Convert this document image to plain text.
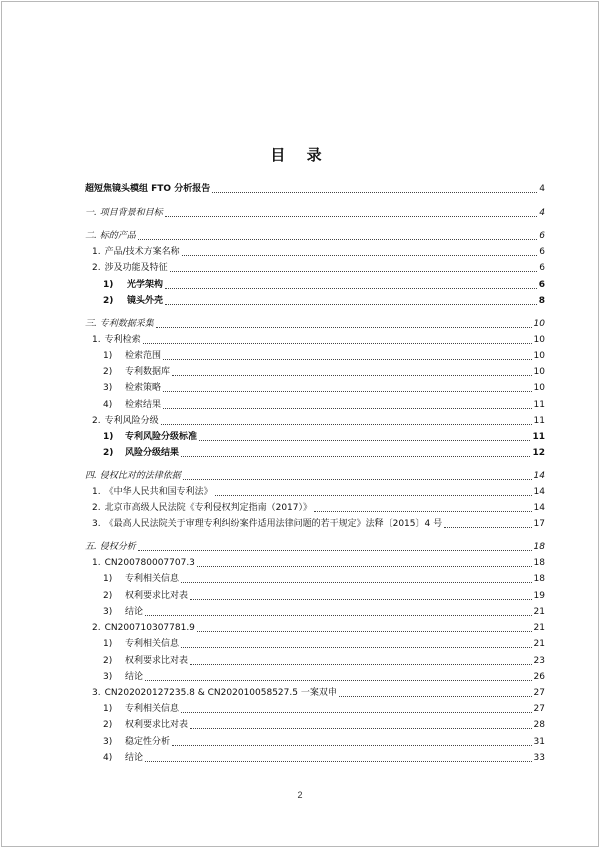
目 录
超短焦镜头模组 FTO 分析报告	4
一. 项目背景和目标	4
二. 标的产品	6
1. 产品/技术方案名称	6
2. 涉及功能及特征	6
1)	光学架构	6
2)	镜头外壳	8
三. 专利数据采集	10
1. 专利检索	10
1)	检索范围	10
2)	专利数据库	10
3)	检索策略	10
4)	检索结果	11
2. 专利风险分级	11
1)	专利风险分级标准	11
2)	风险分级结果	12
四. 侵权比对的法律依据	14
1. 《中华人民共和国专利法》	14
2. 北京市高级人民法院《专利侵权判定指南（2017）》	14
3. 《最高人民法院关于审理专利纠纷案件适用法律问题的若干规定》法释〔2015〕4 号	17
五. 侵权分析	18
1. CN200780007707.3	18
1)	专利相关信息	18
2)	权利要求比对表	19
3)	结论	21
2. CN200710307781.9	21
1)	专利相关信息	21
2)	权利要求比对表	23
3)	结论	26
3. CN202020127235.8 & CN202010058527.5 一案双申	27
1)	专利相关信息	27
2)	权利要求比对表	28
3)	稳定性分析	31
4)	结论	33
2
